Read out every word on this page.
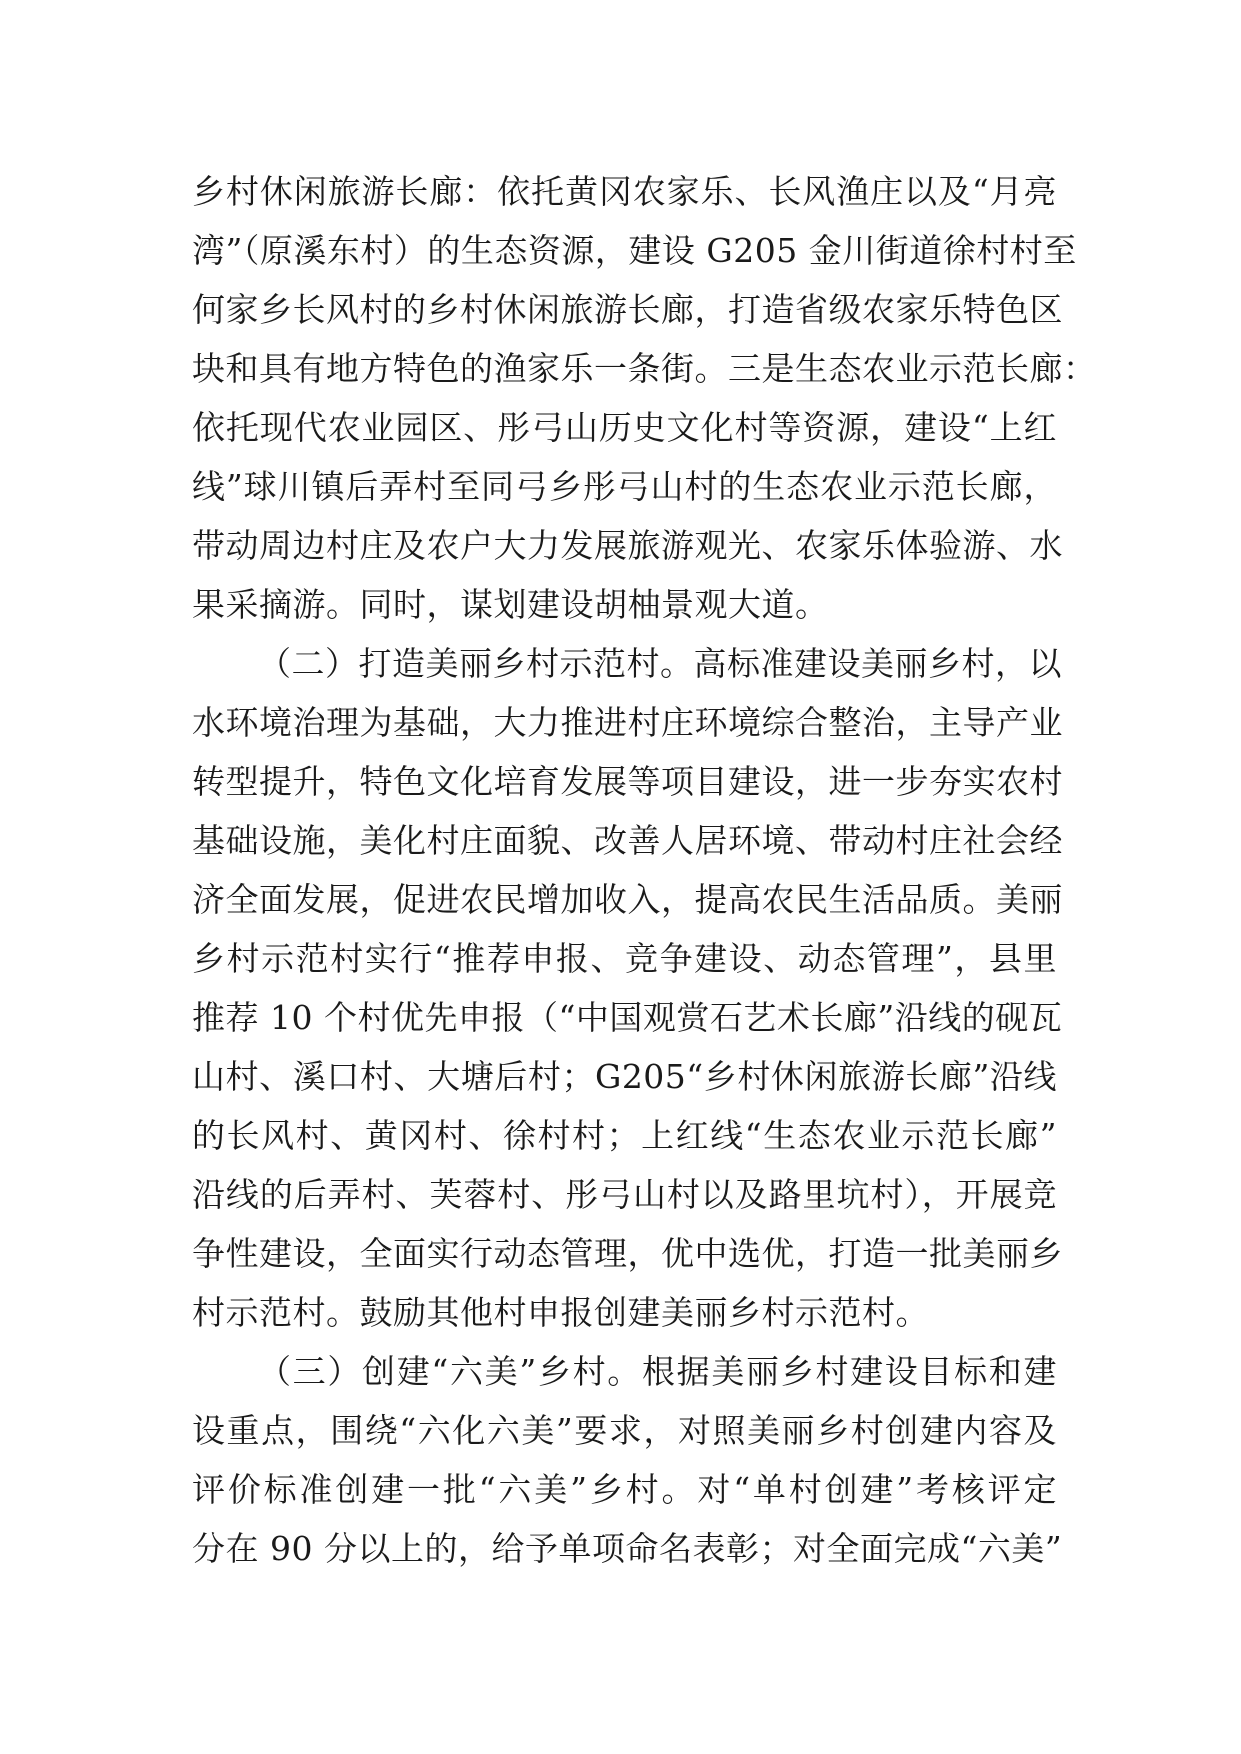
乡村休闲旅游长廊：依托黄冈农家乐、长风渔庄以及“月亮
湾”（原溪东村）的生态资源，建设 G205 金川街道徐村村至
何家乡长风村的乡村休闲旅游长廊，打造省级农家乐特色区
块和具有地方特色的渔家乐一条街。三是生态农业示范长廊：
依托现代农业园区、彤弓山历史文化村等资源，建设“上红
线”球川镇后弄村至同弓乡彤弓山村的生态农业示范长廊，
带动周边村庄及农户大力发展旅游观光、农家乐体验游、水
果采摘游。同时，谋划建设胡柚景观大道。
（二）打造美丽乡村示范村。高标准建设美丽乡村，以
水环境治理为基础，大力推进村庄环境综合整治，主导产业
转型提升，特色文化培育发展等项目建设，进一步夯实农村
基础设施，美化村庄面貌、改善人居环境、带动村庄社会经
济全面发展，促进农民增加收入，提高农民生活品质。美丽
乡村示范村实行“推荐申报、竞争建设、动态管理”，县里
推荐 10 个村优先申报（“中国观赏石艺术长廊”沿线的砚瓦
山村、溪口村、大塘后村；G205“乡村休闲旅游长廊”沿线
的长风村、黄冈村、徐村村；上红线“生态农业示范长廊”
沿线的后弄村、芙蓉村、彤弓山村以及路里坑村），开展竞
争性建设，全面实行动态管理，优中选优，打造一批美丽乡
村示范村。鼓励其他村申报创建美丽乡村示范村。
（三）创建“六美”乡村。根据美丽乡村建设目标和建
设重点，围绕“六化六美”要求，对照美丽乡村创建内容及
评价标准创建一批“六美”乡村。对“单村创建”考核评定
分在 90 分以上的，给予单项命名表彰；对全面完成“六美”
